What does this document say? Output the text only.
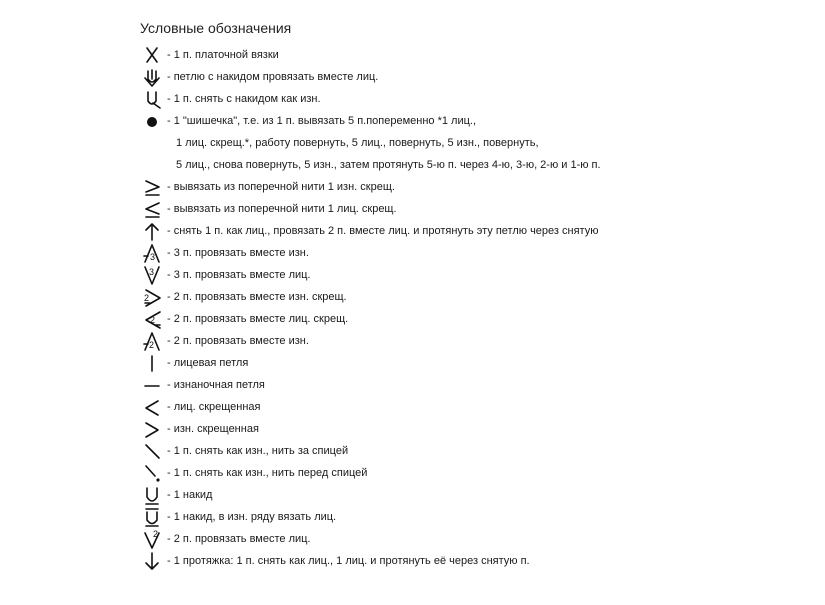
Условные обозначения
- 1 п. платочной вязки
- петлю с накидом провязать вместе лиц.
- 1 п. снять с накидом как изн.
- 1 "шишечка", т.е. из 1 п. вывязать 5 п.попеременно *1 лиц.,
1 лиц. скрещ.*, работу повернуть, 5 лиц., повернуть, 5 изн., повернуть,
5 лиц., снова повернуть, 5 изн., затем протянуть 5-ю п. через 4-ю, 3-ю, 2-ю и 1-ю п.
- вывязать из поперечной нити 1 изн. скрещ.
- вывязать из поперечной нити 1 лиц. скрещ.
- снять 1 п. как лиц., провязать 2 п. вместе лиц. и протянуть эту петлю через снятую
3 - 3 п. провязать вместе изн.
3 - 3 п. провязать вместе лиц.
2 - 2 п. провязать вместе изн. скрещ.
2 - 2 п. провязать вместе лиц. скрещ.
2 - 2 п. провязать вместе изн.
- лицевая петля
- изнаночная петля
- лиц. скрещенная
- изн. скрещенная
- 1 п. снять как изн., нить за спицей
- 1 п. снять как изн., нить перед спицей
- 1 накид
- 1 накид, в изн. ряду вязать лиц.
2 - 2 п. провязать вместе лиц.
- 1 протяжка: 1 п. снять как лиц., 1 лиц. и протянуть её через снятую п.
